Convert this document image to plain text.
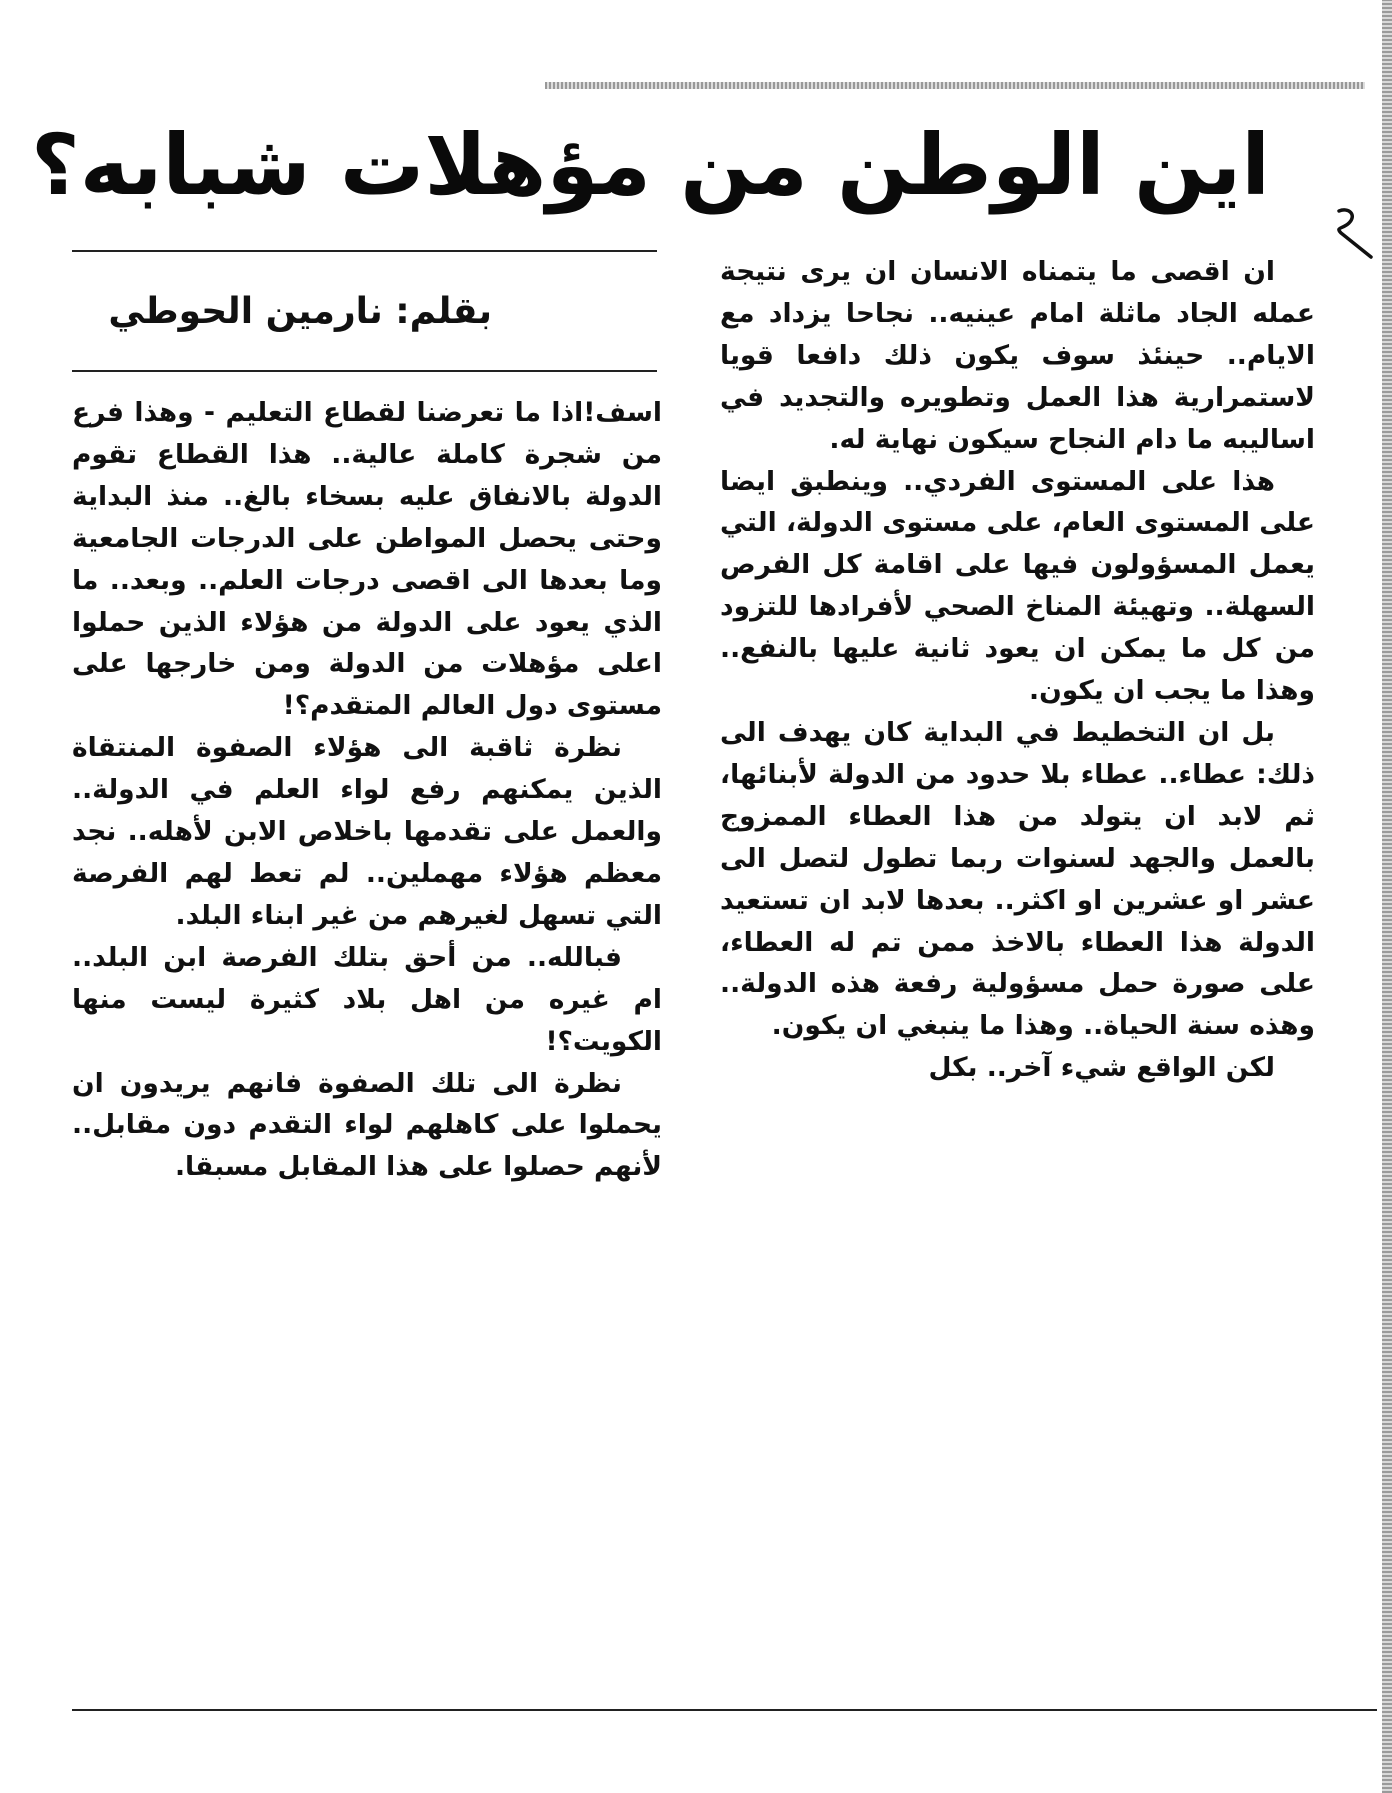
اين الوطن من مؤهلات شبابه؟
بقلم: نارمين الحوطي

ان اقصى ما يتمناه الانسان ان يرى نتيجة عمله الجاد ماثلة امام عينيه.. نجاحا يزداد مع الايام.. حينئذ سوف يكون ذلك دافعا قويا لاستمرارية هذا العمل وتطويره والتجديد في اساليبه ما دام النجاح سيكون نهاية له.

هذا على المستوى الفردي.. وينطبق ايضا على المستوى العام، على مستوى الدولة، التي يعمل المسؤولون فيها على اقامة كل الفرص السهلة.. وتهيئة المناخ الصحي لأفرادها للتزود من كل ما يمكن ان يعود ثانية عليها بالنفع.. وهذا ما يجب ان يكون.

بل ان التخطيط في البداية كان يهدف الى ذلك: عطاء.. عطاء بلا حدود من الدولة لأبنائها، ثم لابد ان يتولد من هذا العطاء الممزوج بالعمل والجهد لسنوات ربما تطول لتصل الى عشر او عشرين او اكثر.. بعدها لابد ان تستعيد الدولة هذا العطاء بالاخذ ممن تم له العطاء، على صورة حمل مسؤولية رفعة هذه الدولة.. وهذه سنة الحياة.. وهذا ما ينبغي ان يكون.

لكن الواقع شيء آخر.. بكل

اسف!اذا ما تعرضنا لقطاع التعليم - وهذا فرع من شجرة كاملة عالية.. هذا القطاع تقوم الدولة بالانفاق عليه بسخاء بالغ.. منذ البداية وحتى يحصل المواطن على الدرجات الجامعية وما بعدها الى اقصى درجات العلم.. وبعد.. ما الذي يعود على الدولة من هؤلاء الذين حملوا اعلى مؤهلات من الدولة ومن خارجها على مستوى دول العالم المتقدم؟!

نظرة ثاقبة الى هؤلاء الصفوة المنتقاة الذين يمكنهم رفع لواء العلم في الدولة.. والعمل على تقدمها باخلاص الابن لأهله.. نجد معظم هؤلاء مهملين.. لم تعط لهم الفرصة التي تسهل لغيرهم من غير ابناء البلد.

فبالله.. من أحق بتلك الفرصة ابن البلد.. ام غيره من اهل بلاد كثيرة ليست منها الكويت؟!

نظرة الى تلك الصفوة فانهم يريدون ان يحملوا على كاهلهم لواء التقدم دون مقابل.. لأنهم حصلوا على هذا المقابل مسبقا.
